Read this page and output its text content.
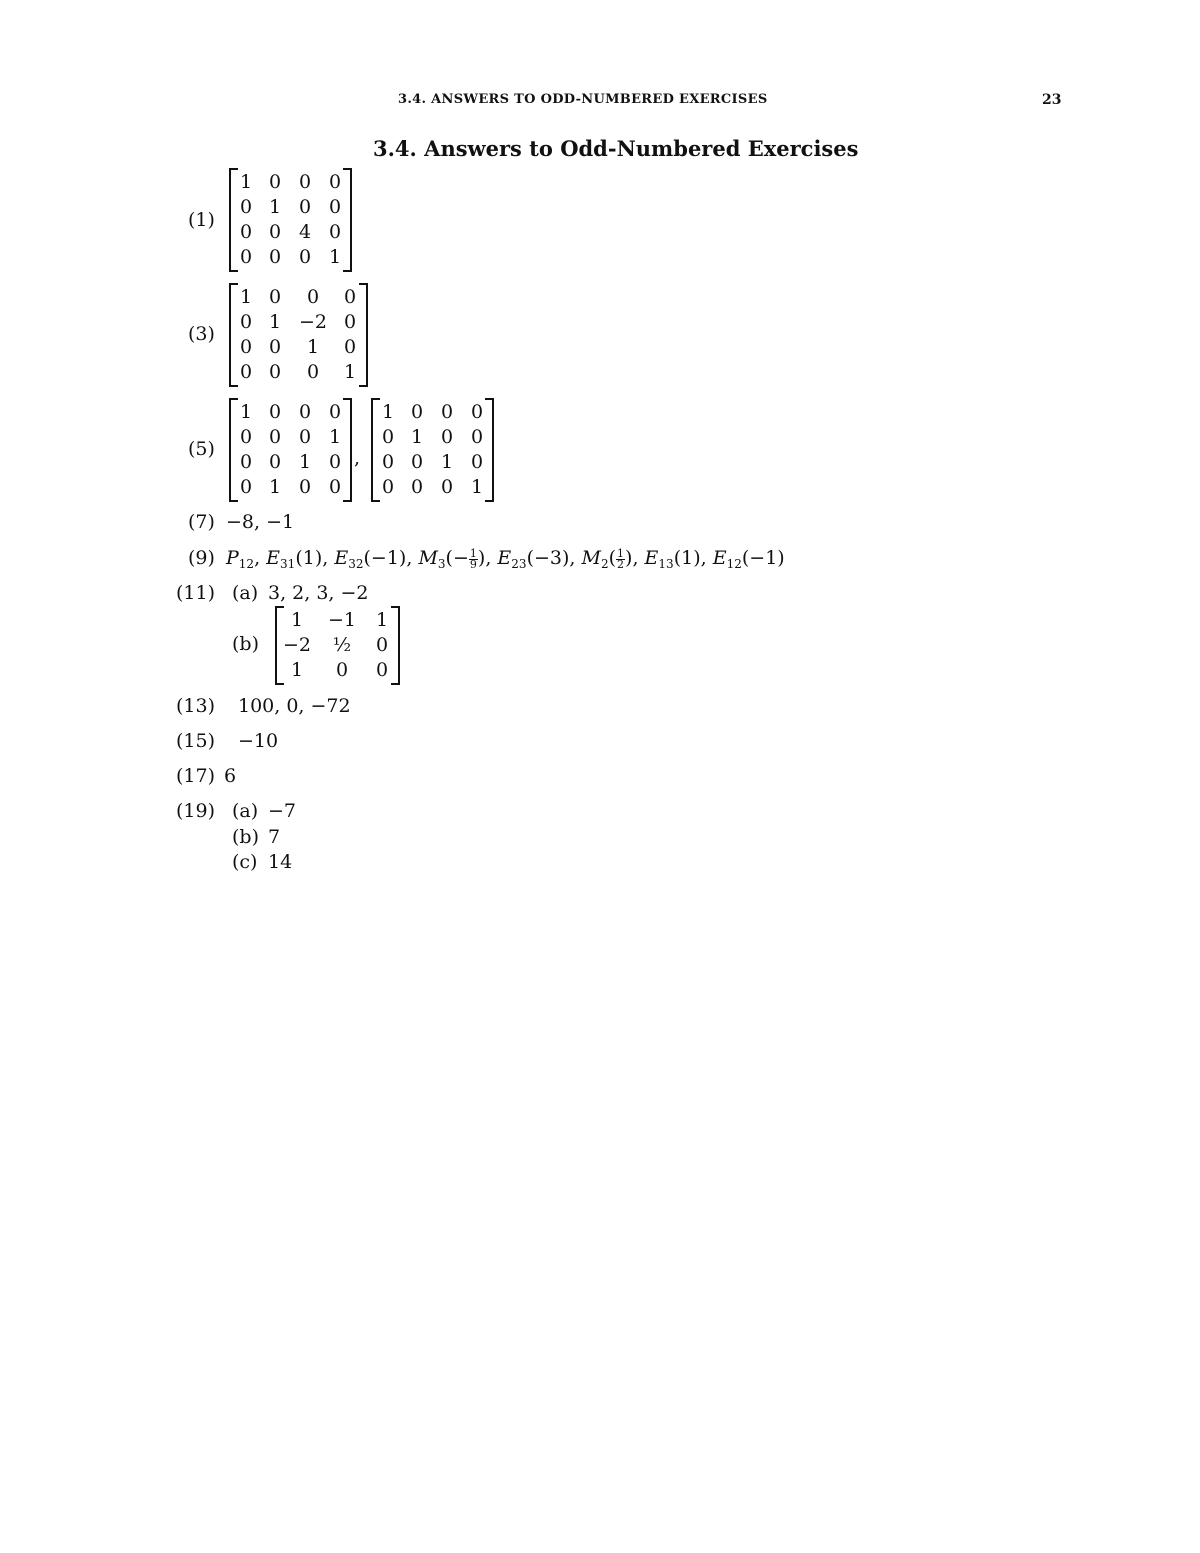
3.4. ANSWERS TO ODD-NUMBERED EXERCISES	23
3.4. Answers to Odd-Numbered Exercises
(1)
1 0 0 0
0 1 0 0
0 0 4 0
0 0 0 1
(3)
1 0	0	0
0 1 −2 0
0 0	1	0
0 0	0	1
(5)
1 0 0 0
0 0 0 1
0 0 1 0
0 1 0 0
,
1 0 0 0
0 1 0 0
0 0 1 0
0 0 0 1
(7) −8, −1
(9) $P_{12}$, $E_{31}(1)$, $E_{32}(-1)$, $M_3(- \frac{1}{9}$ ), $E_{23}(-3)$, $M_2( \frac{1}{2}$ ), $E_{13}(1)$, $E_{12}(-1)$
(11) (a) 3, 2, 3, −2
(b)
1	−1 1
−2	½	0
1	0	0
(13) 100, 0, −72
(15) −10
(17) 6
(19) (a) −7
(b) 7
(c) 14
